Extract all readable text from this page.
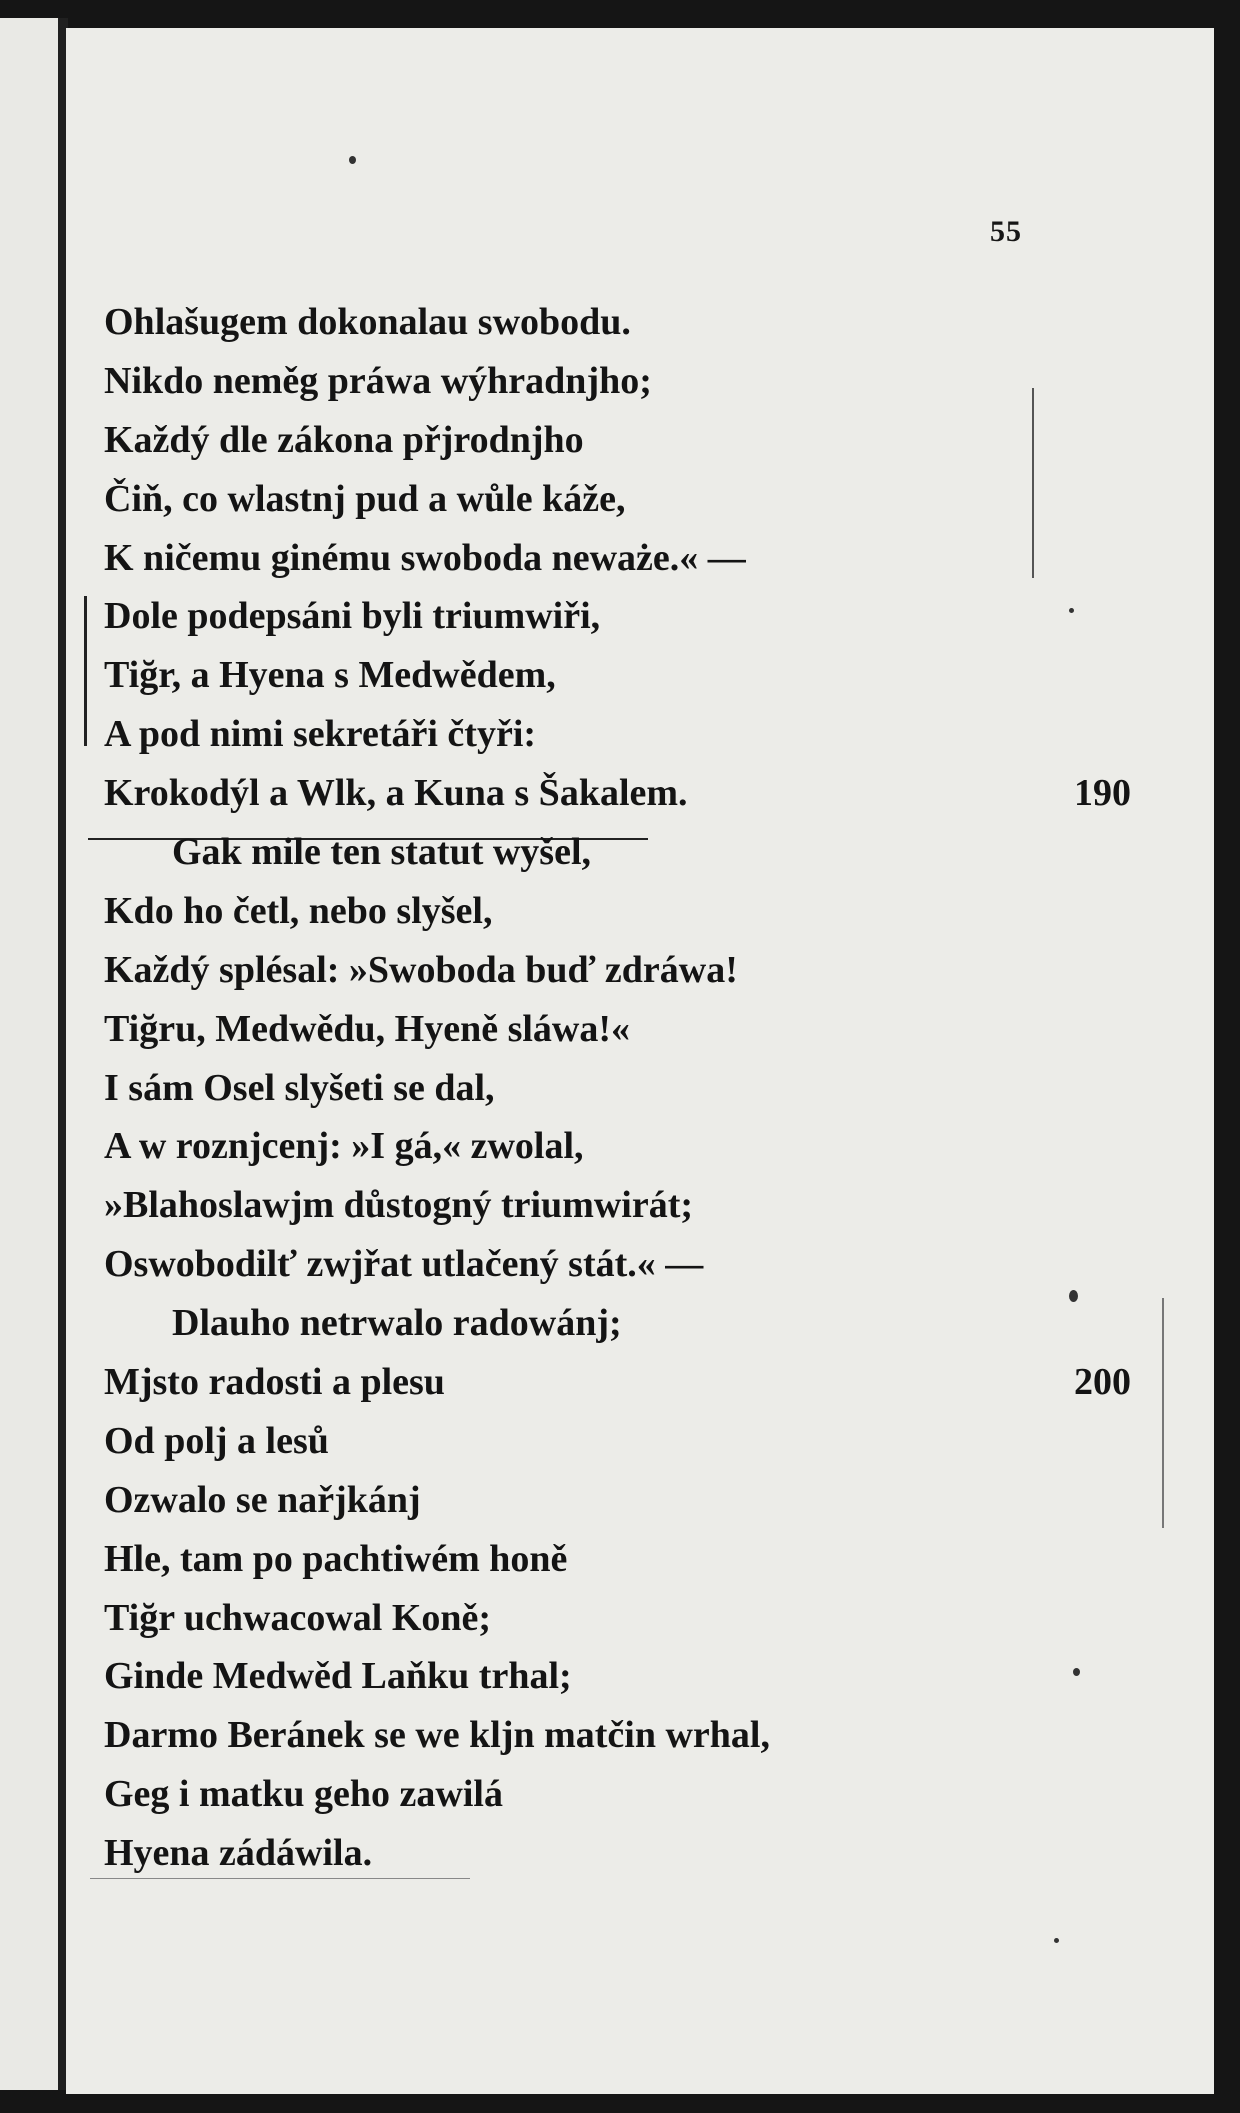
55
Ohlašugem dokonalau swobodu.
Nikdo neměg práwa wýhradnjho;
Každý dle zákona přjrodnjho
Čiň, co wlastnj pud a wůle káže,
K ničemu ginému swoboda neważe.« —
Dole podepsáni byli triumwiři,
Tiğr, a Hyena s Medwědem,
A pod nimi sekretáři čtyři:
Krokodýl a Wlk, a Kuna s Šakalem.	190
Gak mile ten statut wyšel,
Kdo ho četl, nebo slyšel,
Každý splésal: »Swoboda buď zdráwa!
Tiğru, Medwědu, Hyeně sláwa!«
I sám Osel slyšeti se dal,
A w roznjcenj: »I gá,« zwolal,
»Blahoslawjm důstogný triumwirát;
Oswobodilť zwjřat utlačený stát.« —
Dlauho netrwalo radowánj;
Mjsto radosti a plesu	200
Od polj a lesů
Ozwalo se nařjkánj
Hle, tam po pachtiwém honě
Tiğr uchwacowal Koně;
Ginde Medwěd Laňku trhal;
Darmo Beránek se we kljn matčin wrhal,
Geg i matku geho zawilá
Hyena zádáwila.
